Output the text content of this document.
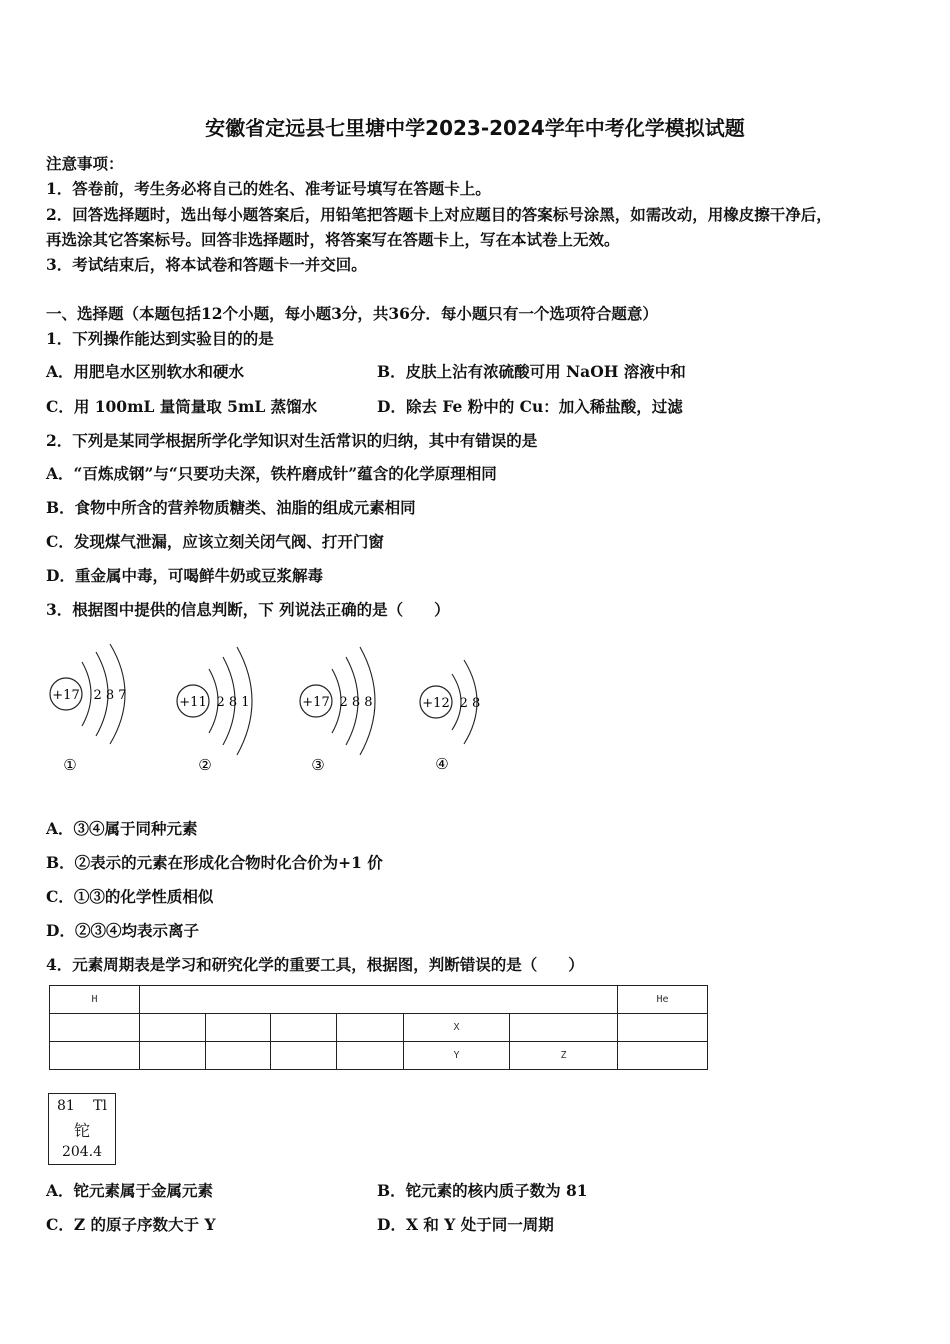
安徽省定远县七里塘中学2023-2024学年中考化学模拟试题
注意事项：
1．答卷前，考生务必将自己的姓名、准考证号填写在答题卡上。
2．回答选择题时，选出每小题答案后，用铅笔把答题卡上对应题目的答案标号涂黑，如需改动，用橡皮擦干净后，
再选涂其它答案标号。回答非选择题时，将答案写在答题卡上，写在本试卷上无效。
3．考试结束后，将本试卷和答题卡一并交回。
一、选择题（本题包括12个小题，每小题3分，共36分．每小题只有一个选项符合题意）
1．下列操作能达到实验目的的是
A．用肥皂水区别软水和硬水	B．皮肤上沾有浓硫酸可用 NaOH 溶液中和
C．用 100mL 量筒量取 5mL 蒸馏水	D．除去 Fe 粉中的 Cu：加入稀盐酸，过滤
2．下列是某同学根据所学化学知识对生活常识的归纳，其中有错误的是
A．“百炼成钢”与“只要功夫深，铁杵磨成针”蕴含的化学原理相同
B．食物中所含的营养物质糖类、油脂的组成元素相同
C．发现煤气泄漏，应该立刻关闭气阀、打开门窗
D．重金属中毒，可喝鲜牛奶或豆浆解毒
3．根据图中提供的信息判断，下 列说法正确的是（　　）
+17 2 8 7
①
+11 2 8 1
②
+17 2 8 8
③
+12 2 8
④
A．③④属于同种元素
B．②表示的元素在形成化合物时化合价为+1 价
C．①③的化学性质相似
D．②③④均表示离子
4．元素周期表是学习和研究化学的重要工具，根据图，判断错误的是（　　）
H							He
					X		
					Y	Z	
81 Tl
铊
204.4
A．铊元素属于金属元素	B．铊元素的核内质子数为 81
C．Z 的原子序数大于 Y	D．X 和 Y 处于同一周期
